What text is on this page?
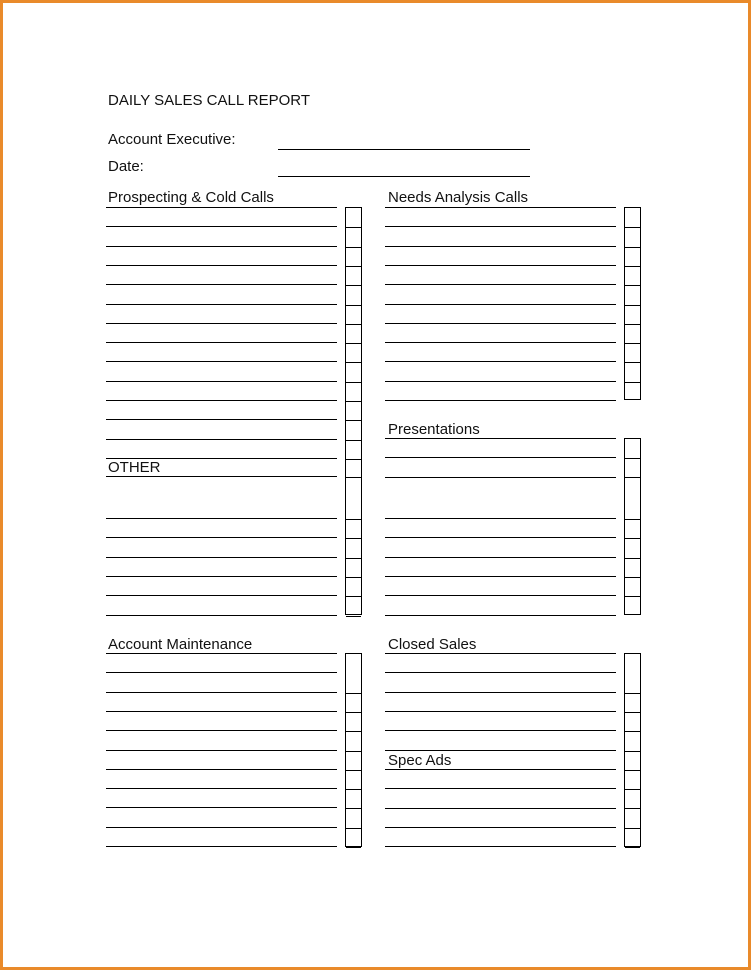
DAILY SALES CALL REPORT
Account Executive:
Date:
Prospecting & Cold Calls
OTHER
Needs Analysis Calls
Presentations
Account Maintenance	Closed Sales
Spec Ads
